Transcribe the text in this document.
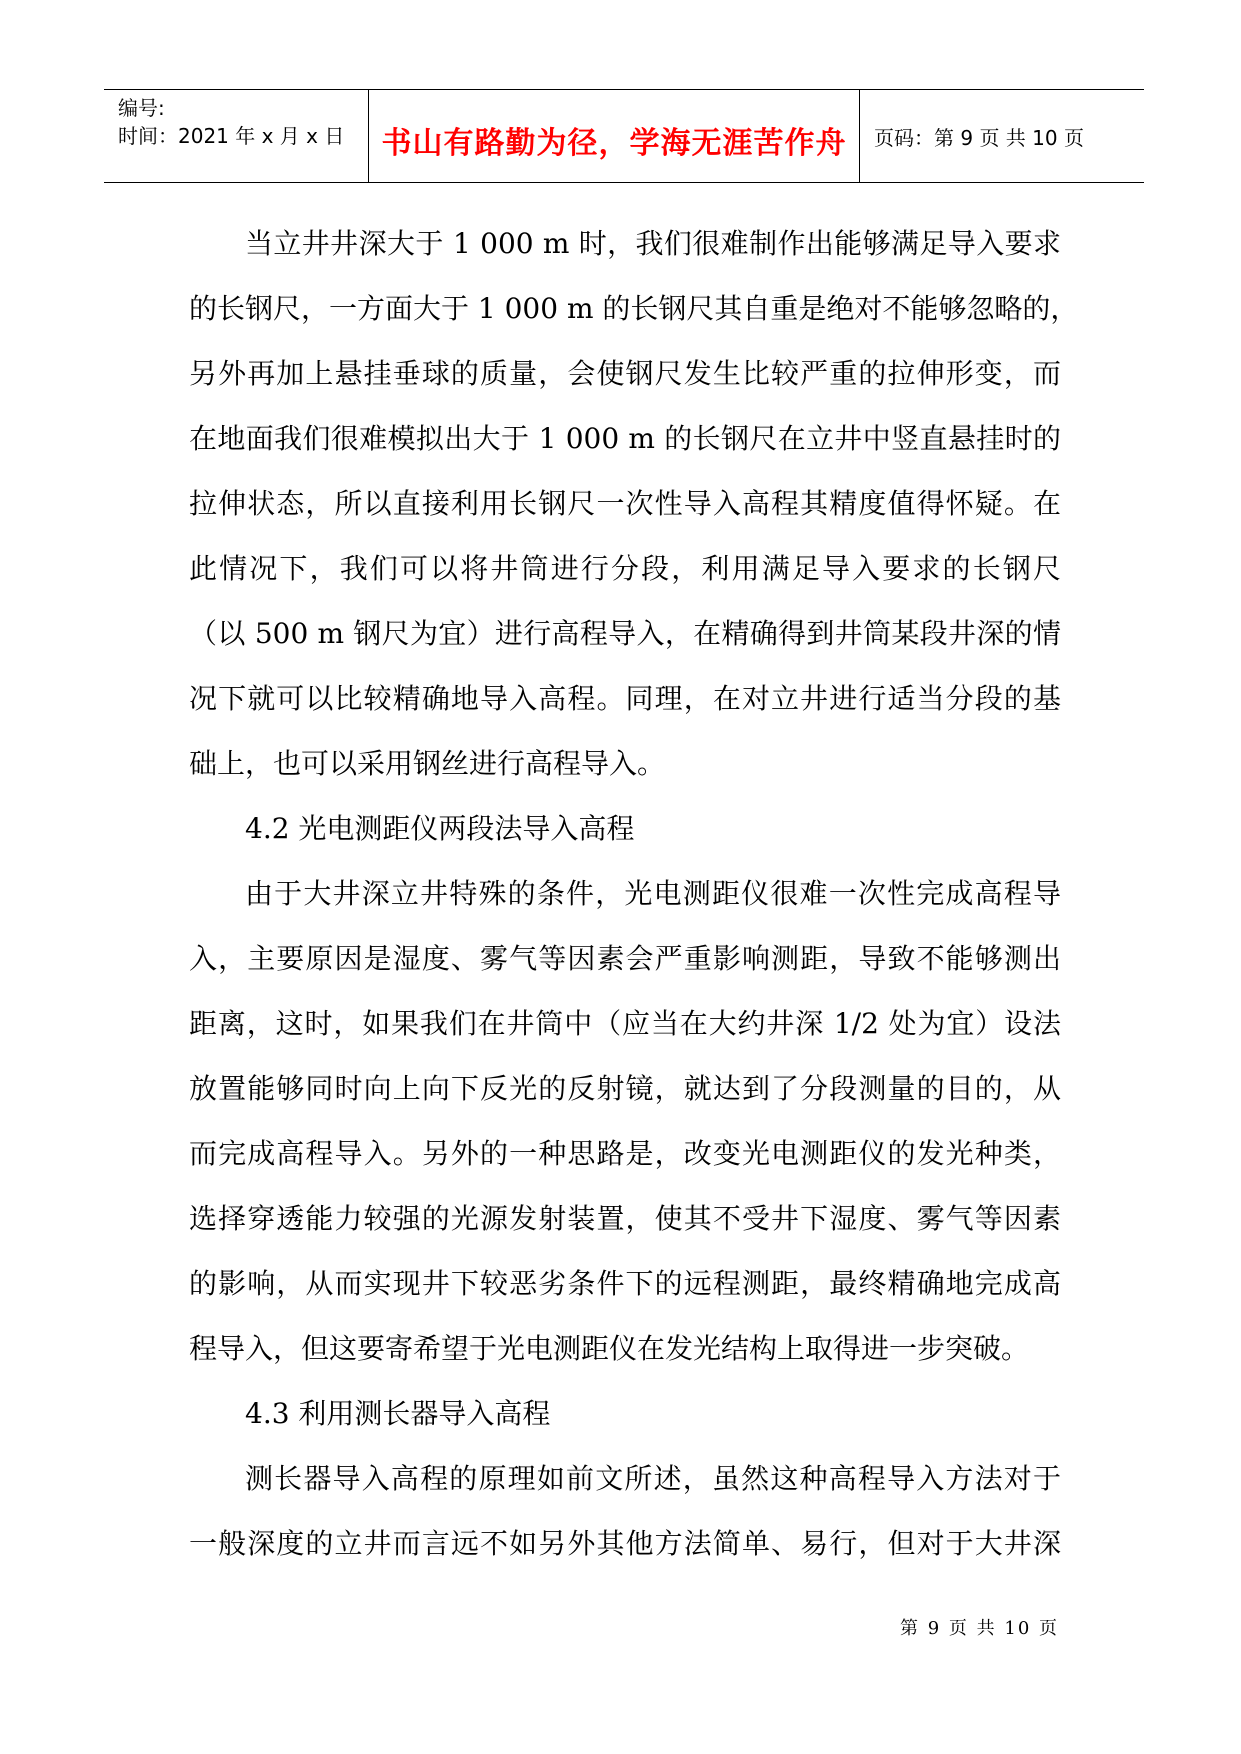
编号:
时间：2021 年 x 月 x 日	书山有路勤为径，学海无涯苦作舟	页码：第 9 页 共 10 页
当立井井深大于 1 000 m 时，我们很难制作出能够满足导入要求
的长钢尺，一方面大于 1 000 m 的长钢尺其自重是绝对不能够忽略的，
另外再加上悬挂垂球的质量，会使钢尺发生比较严重的拉伸形变，而
在地面我们很难模拟出大于 1 000 m 的长钢尺在立井中竖直悬挂时的
拉伸状态，所以直接利用长钢尺一次性导入高程其精度值得怀疑。在
此情况下，我们可以将井筒进行分段，利用满足导入要求的长钢尺
（以 500 m 钢尺为宜）进行高程导入，在精确得到井筒某段井深的情
况下就可以比较精确地导入高程。同理，在对立井进行适当分段的基
础上，也可以采用钢丝进行高程导入。
4.2 光电测距仪两段法导入高程
由于大井深立井特殊的条件，光电测距仪很难一次性完成高程导
入，主要原因是湿度、雾气等因素会严重影响测距，导致不能够测出
距离，这时，如果我们在井筒中（应当在大约井深 1/2 处为宜）设法
放置能够同时向上向下反光的反射镜，就达到了分段测量的目的，从
而完成高程导入。另外的一种思路是，改变光电测距仪的发光种类，
选择穿透能力较强的光源发射装置，使其不受井下湿度、雾气等因素
的影响，从而实现井下较恶劣条件下的远程测距，最终精确地完成高
程导入，但这要寄希望于光电测距仪在发光结构上取得进一步突破。
4.3 利用测长器导入高程
测长器导入高程的原理如前文所述，虽然这种高程导入方法对于
一般深度的立井而言远不如另外其他方法简单、易行，但对于大井深
第 9 页 共 10 页
